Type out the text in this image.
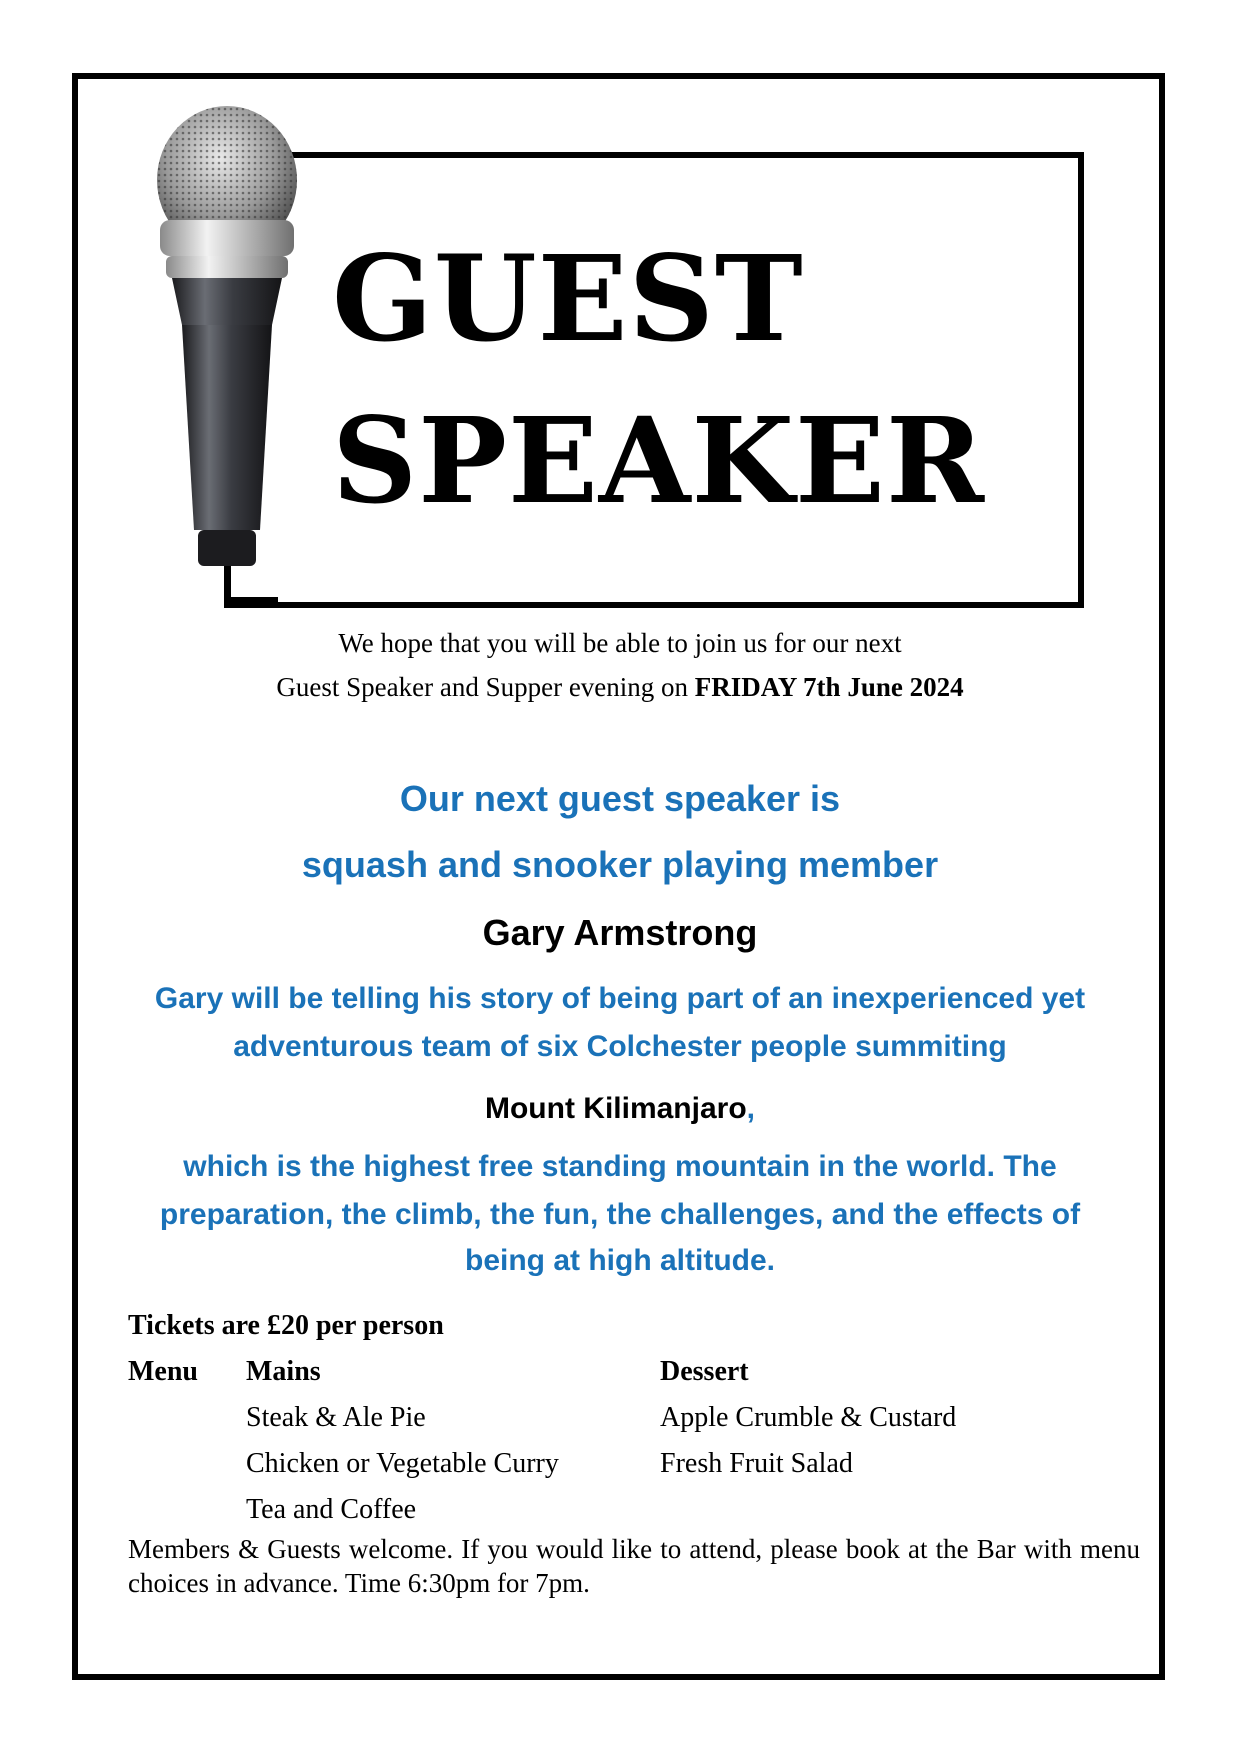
GUEST
SPEAKER

We hope that you will be able to join us for our next

Guest Speaker and Supper evening on FRIDAY 7th June 2024

Our next guest speaker is

squash and snooker playing member

Gary Armstrong

Gary will be telling his story of being part of an inexperienced yet

adventurous team of six Colchester people summiting

Mount Kilimanjaro,

which is the highest free standing mountain in the world. The

preparation, the climb, the fun, the challenges, and the effects of

being at high altitude.

Tickets are £20 per person

Menu Mains	Dessert

Steak & Ale Pie

Chicken or Vegetable Curry

Tea and Coffee

Apple Crumble & Custard

Fresh Fruit Salad

Members & Guests welcome. If you would like to attend, please book at the Bar with menu choices in advance. Time 6:30pm for 7pm.
